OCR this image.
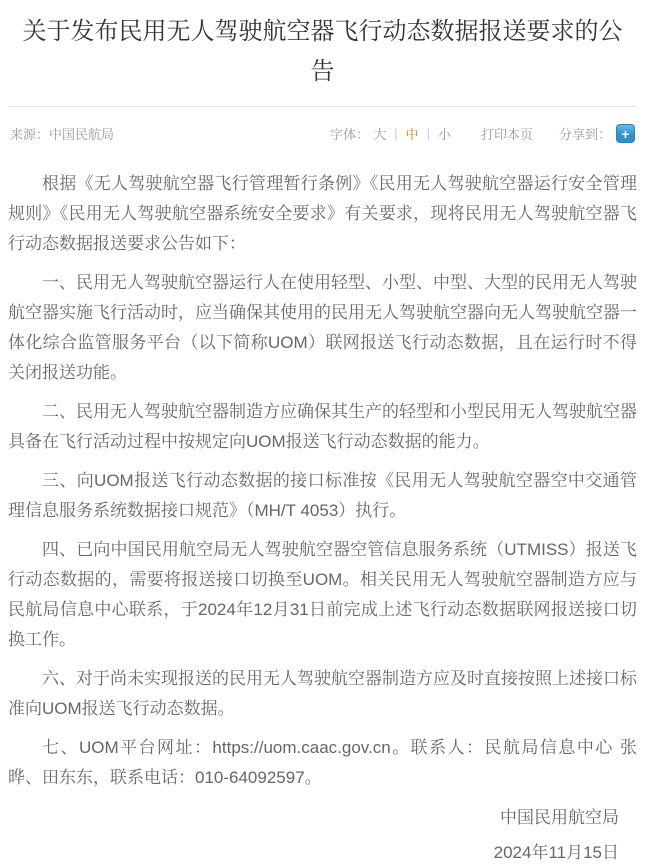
关于发布民用无人驾驶航空器飞行动态数据报送要求的公告
来源： 中国民航局	字体： 大 | 中 | 小 打印本页 分享到： +

根据《无人驾驶航空器飞行管理暂行条例》《民用无人驾驶航空器运行安全管理规则》《民用无人驾驶航空器系统安全要求》有关要求，现将民用无人驾驶航空器飞行动态数据报送要求公告如下：

一、民用无人驾驶航空器运行人在使用轻型、小型、中型、大型的民用无人驾驶航空器实施飞行活动时，应当确保其使用的民用无人驾驶航空器向无人驾驶航空器一体化综合监管服务平台（以下简称UOM）联网报送飞行动态数据，且在运行时不得关闭报送功能。

二、民用无人驾驶航空器制造方应确保其生产的轻型和小型民用无人驾驶航空器具备在飞行活动过程中按规定向UOM报送飞行动态数据的能力。

三、向UOM报送飞行动态数据的接口标准按《民用无人驾驶航空器空中交通管理信息服务系统数据接口规范》（MH/T 4053）执行。

四、已向中国民用航空局无人驾驶航空器空管信息服务系统（UTMISS）报送飞行动态数据的，需要将报送接口切换至UOM。相关民用无人驾驶航空器制造方应与民航局信息中心联系，于2024年12月31日前完成上述飞行动态数据联网报送接口切换工作。

六、对于尚未实现报送的民用无人驾驶航空器制造方应及时直接按照上述接口标准向UOM报送飞行动态数据。

七、UOM平台网址：https://uom.caac.gov.cn。联系人：民航局信息中心 张晔、田东东，联系电话：010-64092597。

中国民用航空局
2024年11月15日
